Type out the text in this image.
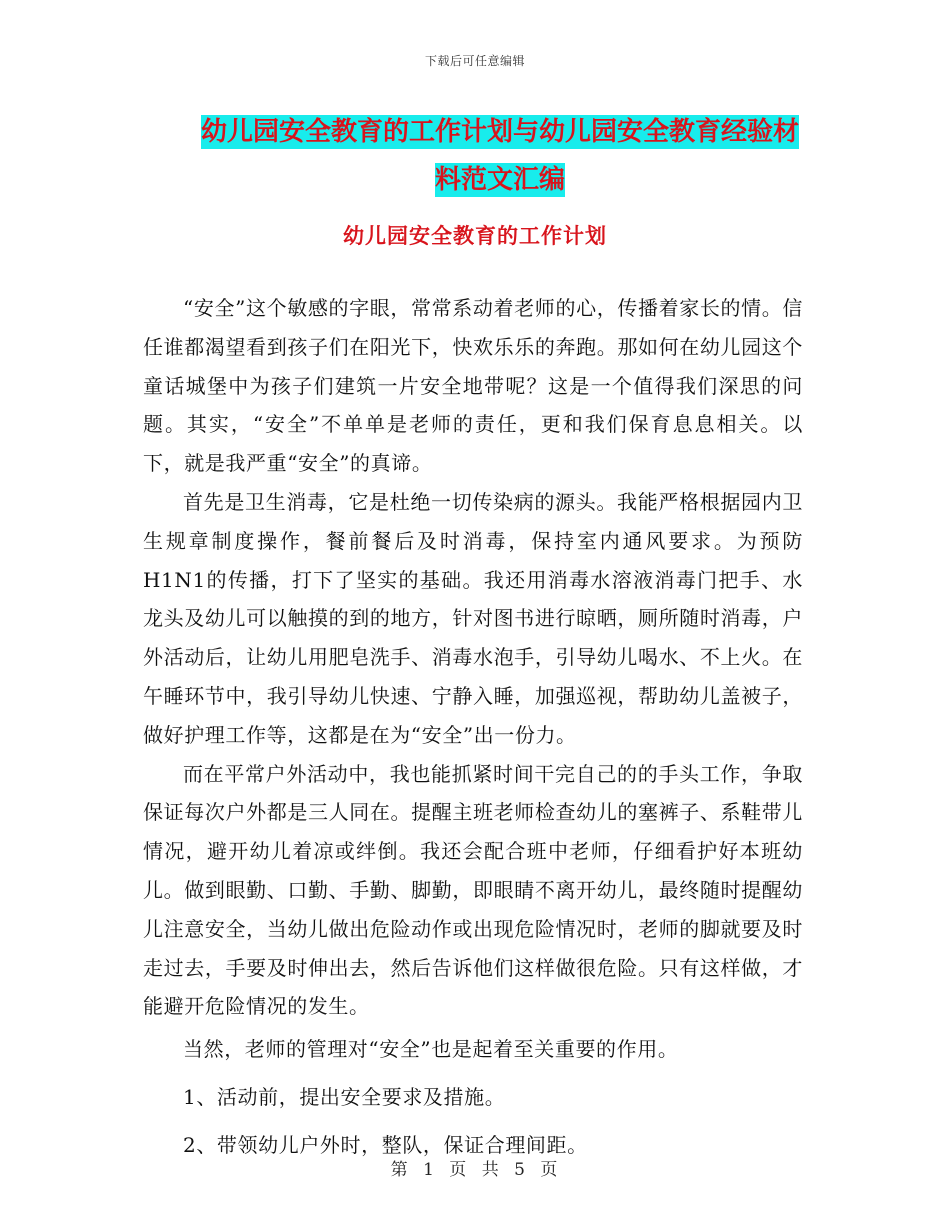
下载后可任意编辑
幼儿园安全教育的工作计划与幼儿园安全教育经验材
料范文汇编
幼儿园安全教育的工作计划

“安全”这个敏感的字眼，常常系动着老师的心，传播着家长的情。信任谁都渴望看到孩子们在阳光下，快欢乐乐的奔跑。那如何在幼儿园这个童话城堡中为孩子们建筑一片安全地带呢？这是一个值得我们深思的问题。其实，“安全”不单单是老师的责任，更和我们保育息息相关。以下，就是我严重“安全”的真谛。

首先是卫生消毒，它是杜绝一切传染病的源头。我能严格根据园内卫生规章制度操作，餐前餐后及时消毒，保持室内通风要求。为预防H1N1的传播，打下了坚实的基础。我还用消毒水溶液消毒门把手、水龙头及幼儿可以触摸的到的地方，针对图书进行晾晒，厕所随时消毒，户外活动后，让幼儿用肥皂洗手、消毒水泡手，引导幼儿喝水、不上火。在午睡环节中，我引导幼儿快速、宁静入睡，加强巡视，帮助幼儿盖被子，做好护理工作等，这都是在为“安全”出一份力。

而在平常户外活动中，我也能抓紧时间干完自己的的手头工作，争取保证每次户外都是三人同在。提醒主班老师检查幼儿的塞裤子、系鞋带儿情况，避开幼儿着凉或绊倒。我还会配合班中老师，仔细看护好本班幼儿。做到眼勤、口勤、手勤、脚勤，即眼睛不离开幼儿，最终随时提醒幼儿注意安全，当幼儿做出危险动作或出现危险情况时，老师的脚就要及时走过去，手要及时伸出去，然后告诉他们这样做很危险。只有这样做，才能避开危险情况的发生。

当然，老师的管理对“安全”也是起着至关重要的作用。

1、活动前，提出安全要求及措施。

2、带领幼儿户外时，整队，保证合理间距。

第 1 页 共 5 页
